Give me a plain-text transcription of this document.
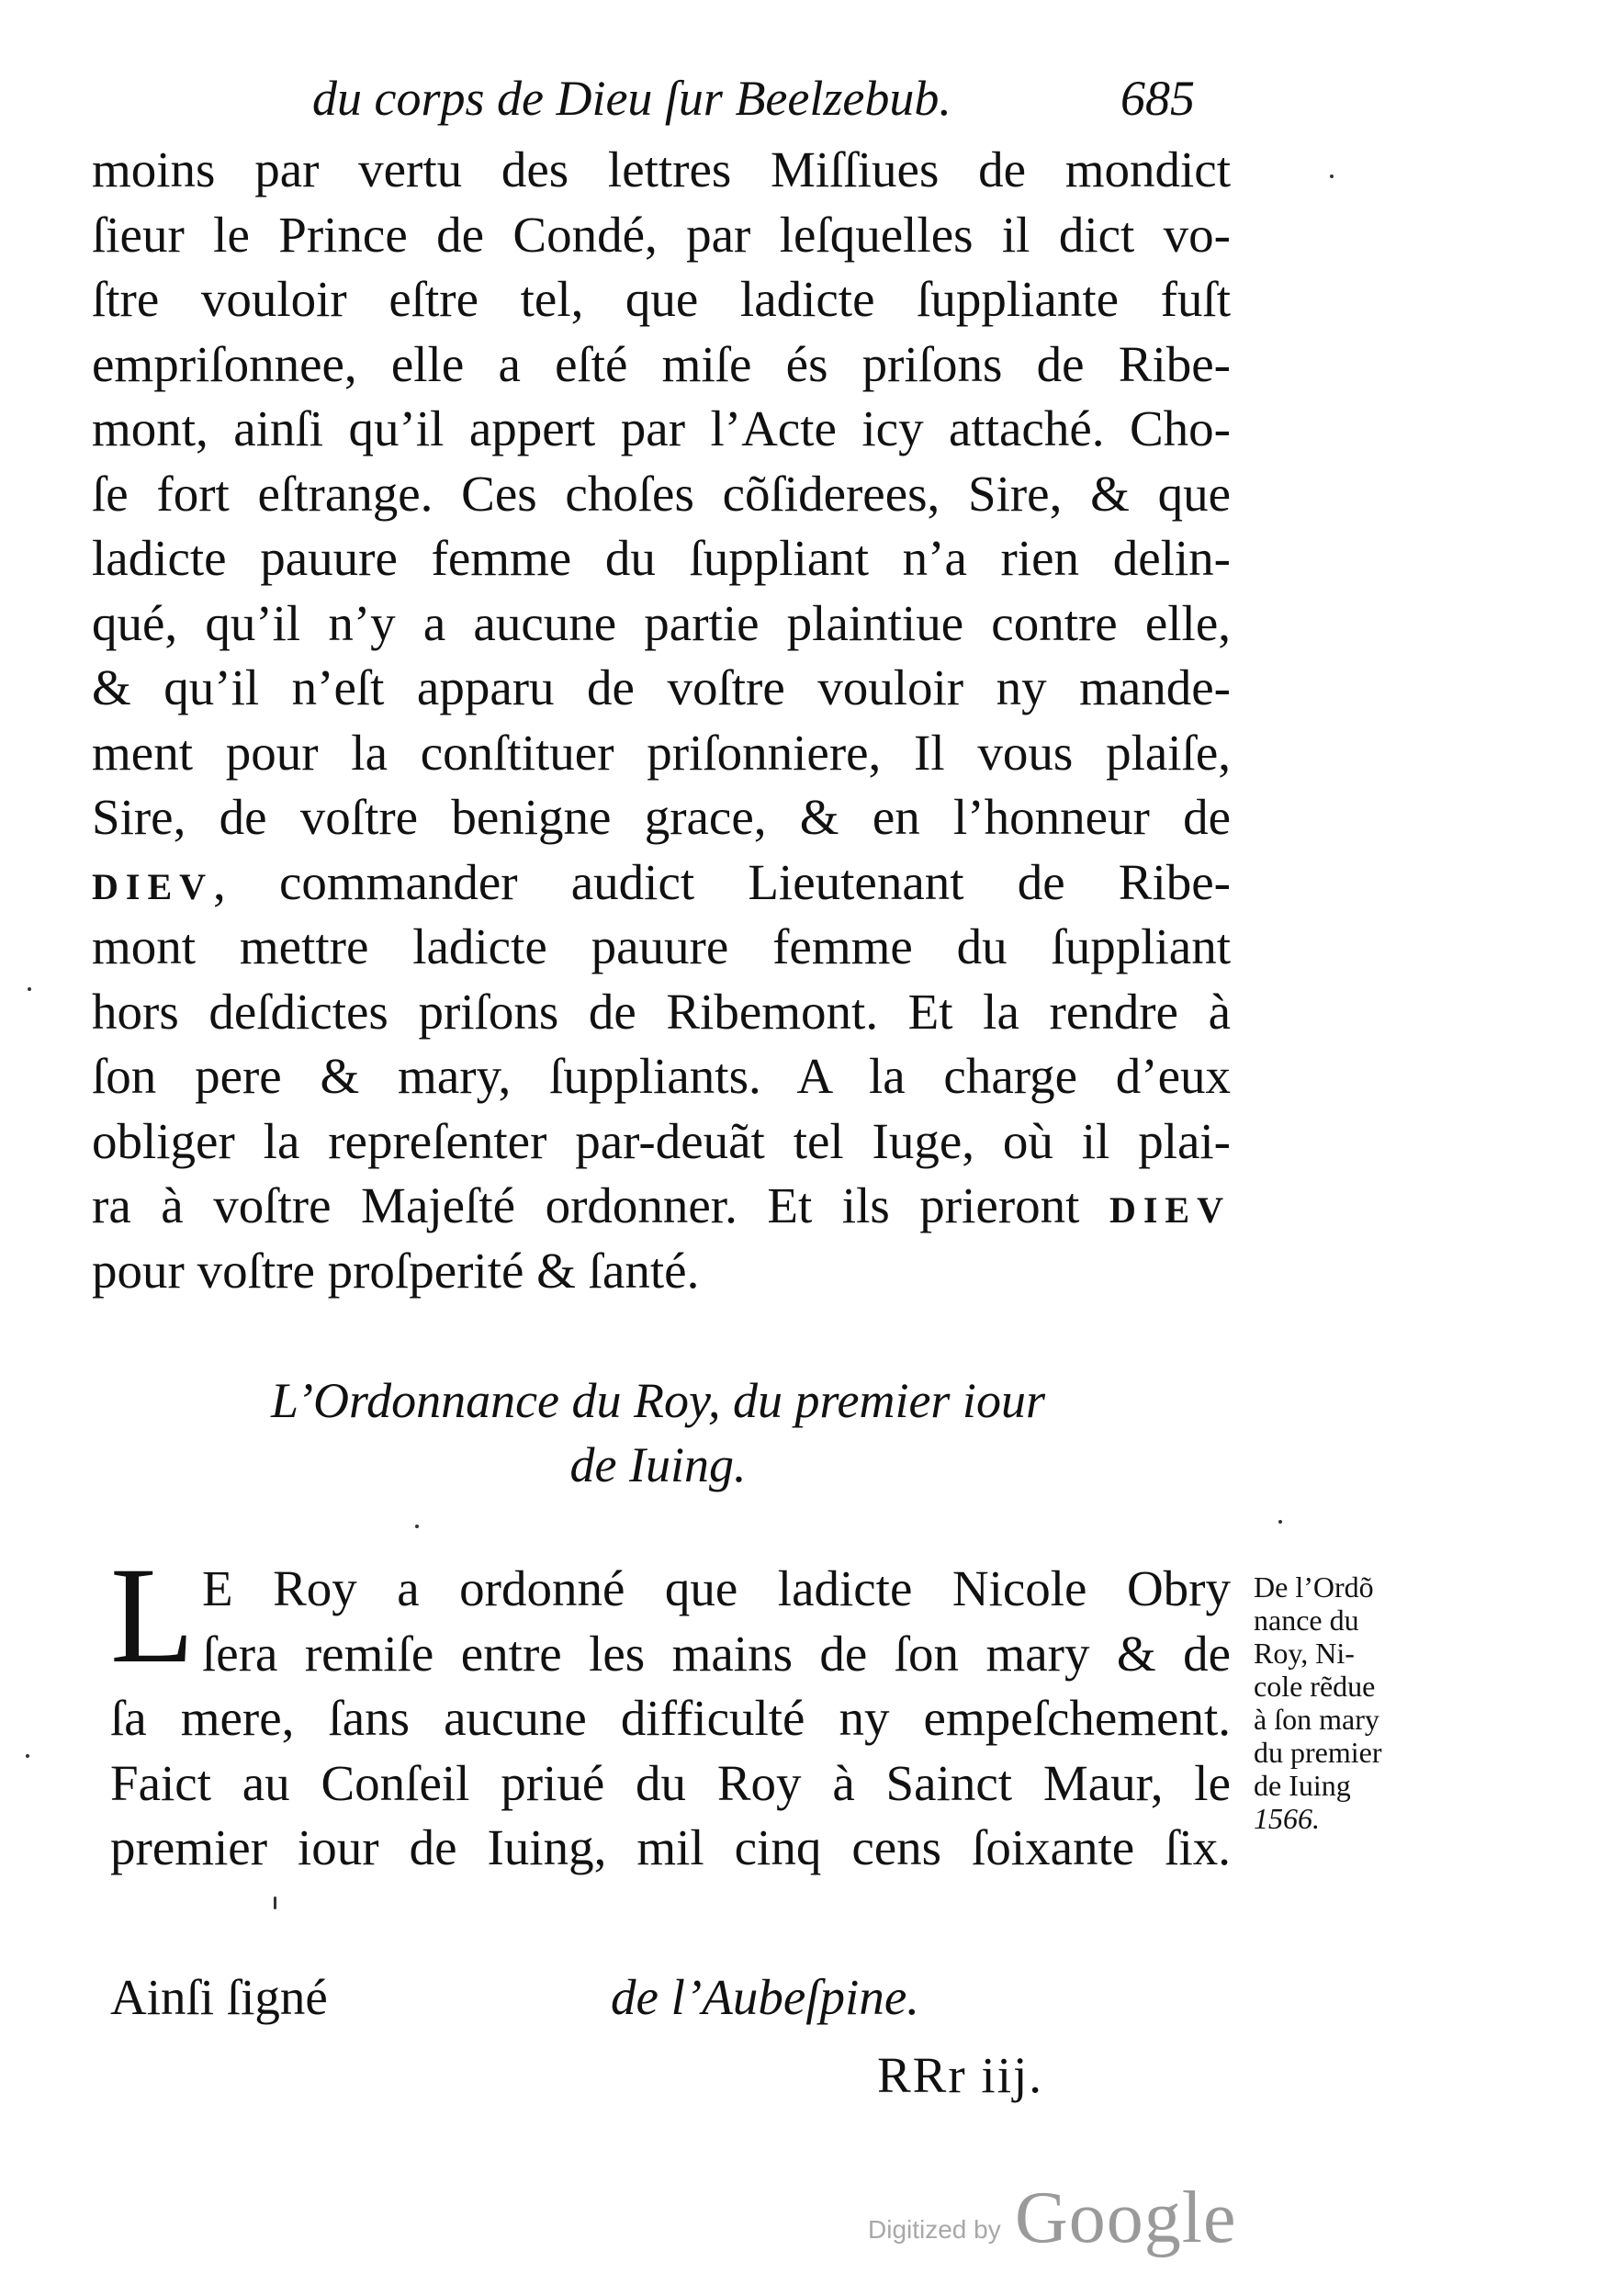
du corps de Dieu ſur Beelzebub.	685
moins par vertu des lettres Miſſiues de mondict
ſieur le Prince de Condé, par leſquelles il dict vo-
ſtre vouloir eſtre tel, que ladicte ſuppliante fuſt
empriſonnee, elle a eſté miſe és priſons de Ribe-
mont, ainſi qu’il appert par l’Acte icy attaché. Cho-
ſe fort eſtrange. Ces choſes cõſiderees, Sire, & que
ladicte pauure femme du ſuppliant n’a rien delin-
qué, qu’il n’y a aucune partie plaintiue contre elle,
& qu’il n’eſt apparu de voſtre vouloir ny mande-
ment pour la conſtituer priſonniere, Il vous plaiſe,
Sire, de voſtre benigne grace, & en l’honneur de
DIEV, commander audict Lieutenant de Ribe-
mont mettre ladicte pauure femme du ſuppliant
hors deſdictes priſons de Ribemont. Et la rendre à
ſon pere & mary, ſuppliants. A la charge d’eux
obliger la repreſenter par-deuãt tel Iuge, où il plai-
ra à voſtre Majeſté ordonner. Et ils prieront DIEV
pour voſtre proſperité & ſanté.
L’Ordonnance du Roy, du premier iour
de Iuing.
L E Roy a ordonné que ladicte Nicole Obry
ſera remiſe entre les mains de ſon mary & de
ſa mere, ſans aucune difficulté ny empeſchement.
Faict au Conſeil priué du Roy à Sainct Maur, le
premier iour de Iuing, mil cinq cens ſoixante ſix.
De l’Ordõ
nance du
Roy, Ni-
cole rẽdue
à ſon mary
du premier
de Iuing
1566.
Ainſi ſigné	de l’Aubeſpine.
RRr iij.
Digitized by Google
